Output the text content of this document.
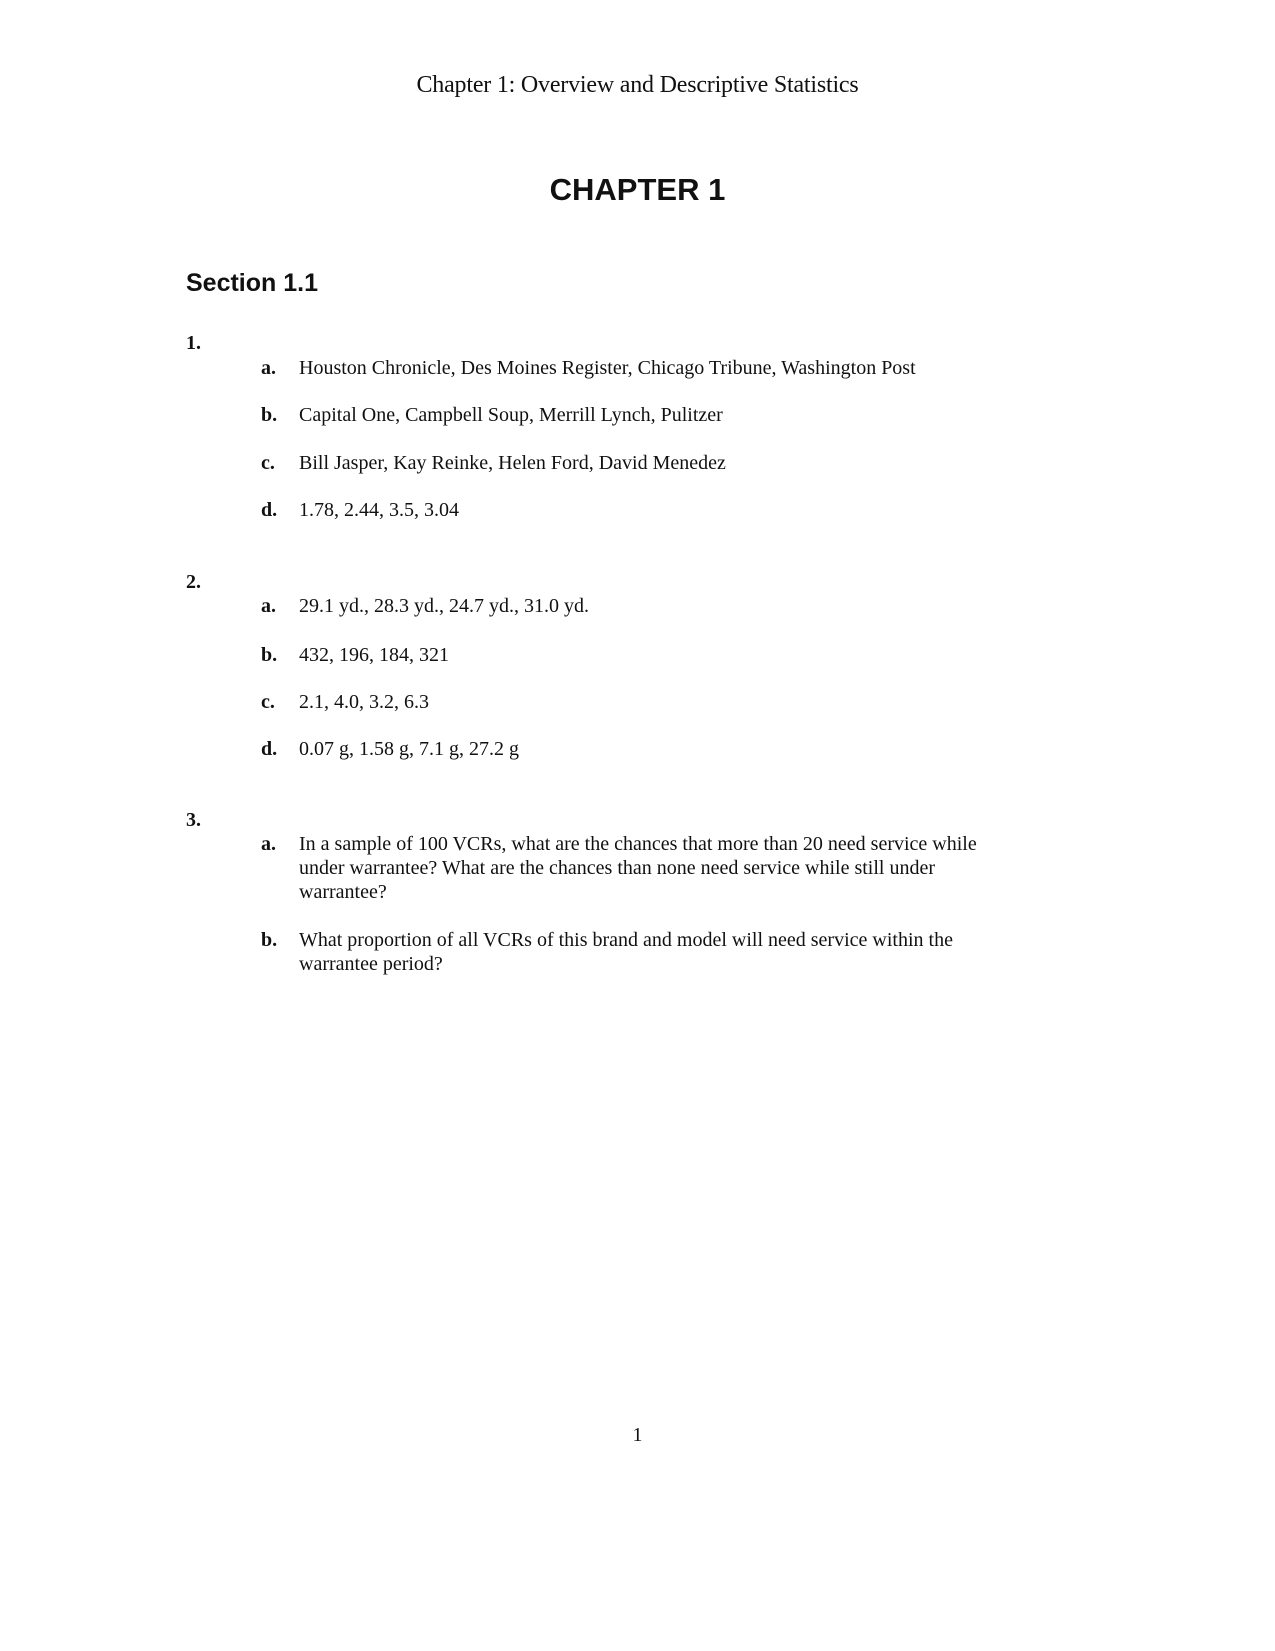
Chapter 1: Overview and Descriptive Statistics
CHAPTER 1
Section 1.1
1.
a. Houston Chronicle, Des Moines Register, Chicago Tribune, Washington Post
b. Capital One, Campbell Soup, Merrill Lynch, Pulitzer
c. Bill Jasper, Kay Reinke, Helen Ford, David Menedez
d. 1.78, 2.44, 3.5, 3.04
2.
a. 29.1 yd., 28.3 yd., 24.7 yd., 31.0 yd.
b. 432, 196, 184, 321
c. 2.1, 4.0, 3.2, 6.3
d. 0.07 g, 1.58 g, 7.1 g, 27.2 g
3.
a. In a sample of 100 VCRs, what are the chances that more than 20 need service while under warrantee? What are the chances than none need service while still under warrantee?
b. What proportion of all VCRs of this brand and model will need service within the warrantee period?
1
